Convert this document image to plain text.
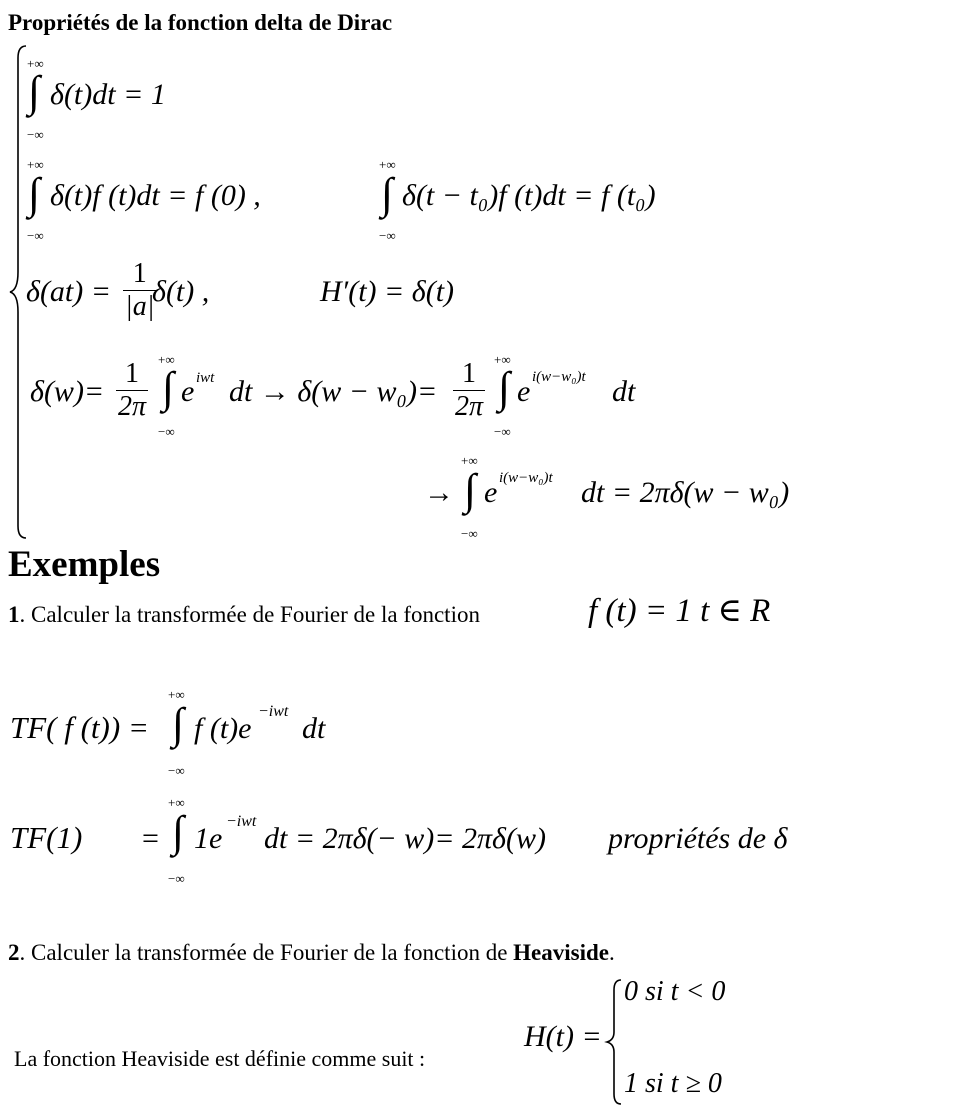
Propriétés de la fonction delta de Dirac
+∞
∫
−∞
δ(t)dt = 1
+∞
∫
−∞
δ(t)f (t)dt = f (0) ,
+∞
∫
−∞
δ(t − t₀)f (t)dt = f (t₀)
$\delta(at) = \frac{1}{|a|}$
δ(t) ,	H′(t) = δ(t)
$\delta(w)= \frac{1}{2\pi}$ +∞
∫
−∞
e iwt dt → $\delta(w - w_0)= \frac{1}{2\pi}$ +∞
∫
−∞
e i(w−w₀)t dt
→
+∞
∫
−∞
e i(w−w₀)t dt = 2πδ(w − w₀)
Exemples
1. Calculer la transformée de Fourier de la fonction	f (t) = 1 t ∈ R
TF( f (t)) =
+∞
∫
−∞
f (t)e
−iwt
dt
TF(1) =
+∞
∫
−∞
1e
−iwt
dt = 2πδ(− w)= 2πδ(w) propriétés de δ
2. Calculer la transformée de Fourier de la fonction de Heaviside.
La fonction Heaviside est définie comme suit :
H(t) =
0 si t < 0
1 si t ≥ 0
